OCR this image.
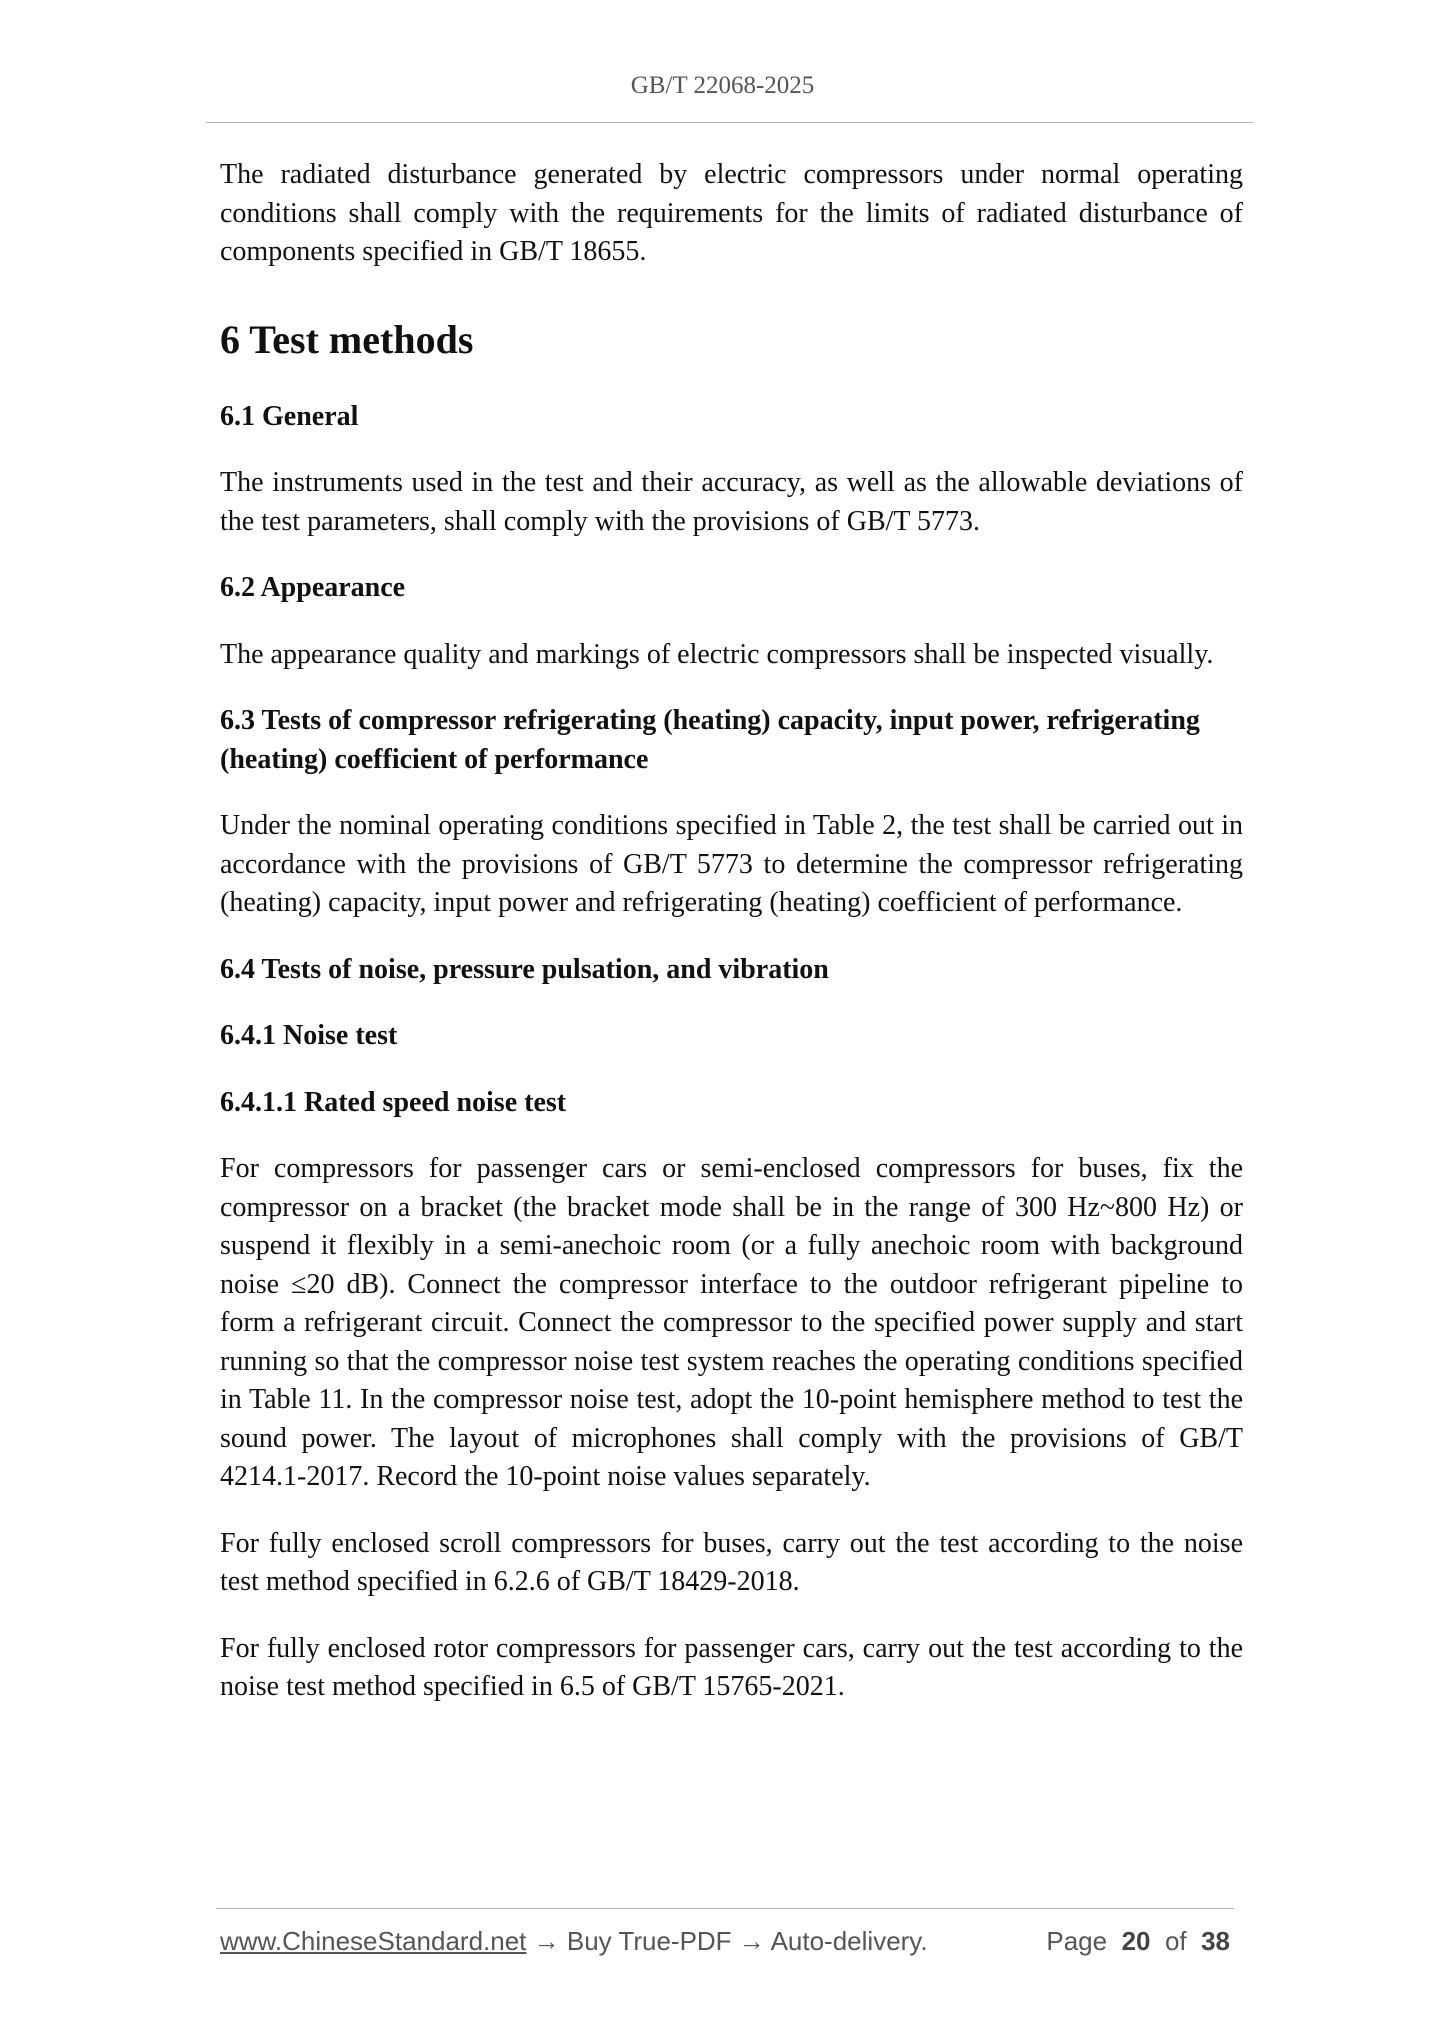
GB/T 22068-2025

The radiated disturbance generated by electric compressors under normal operating conditions shall comply with the requirements for the limits of radiated disturbance of components specified in GB/T 18655.

6 Test methods
6.1 General

The instruments used in the test and their accuracy, as well as the allowable deviations of the test parameters, shall comply with the provisions of GB/T 5773.

6.2 Appearance

The appearance quality and markings of electric compressors shall be inspected visually.

6.3 Tests of compressor refrigerating (heating) capacity, input power, refrigerating (heating) coefficient of performance

Under the nominal operating conditions specified in Table 2, the test shall be carried out in accordance with the provisions of GB/T 5773 to determine the compressor refrigerating (heating) capacity, input power and refrigerating (heating) coefficient of performance.

6.4 Tests of noise, pressure pulsation, and vibration
6.4.1 Noise test
6.4.1.1 Rated speed noise test

For compressors for passenger cars or semi-enclosed compressors for buses, fix the compressor on a bracket (the bracket mode shall be in the range of 300 Hz~800 Hz) or suspend it flexibly in a semi-anechoic room (or a fully anechoic room with background noise ≤20 dB). Connect the compressor interface to the outdoor refrigerant pipeline to form a refrigerant circuit. Connect the compressor to the specified power supply and start running so that the compressor noise test system reaches the operating conditions specified in Table 11. In the compressor noise test, adopt the 10-point hemisphere method to test the sound power. The layout of microphones shall comply with the provisions of GB/T 4214.1-2017. Record the 10-point noise values separately.

For fully enclosed scroll compressors for buses, carry out the test according to the noise test method specified in 6.2.6 of GB/T 18429-2018.

For fully enclosed rotor compressors for passenger cars, carry out the test according to the noise test method specified in 6.5 of GB/T 15765-2021.

www.ChineseStandard.net → Buy True-PDF → Auto-delivery.	Page 20 of 38
